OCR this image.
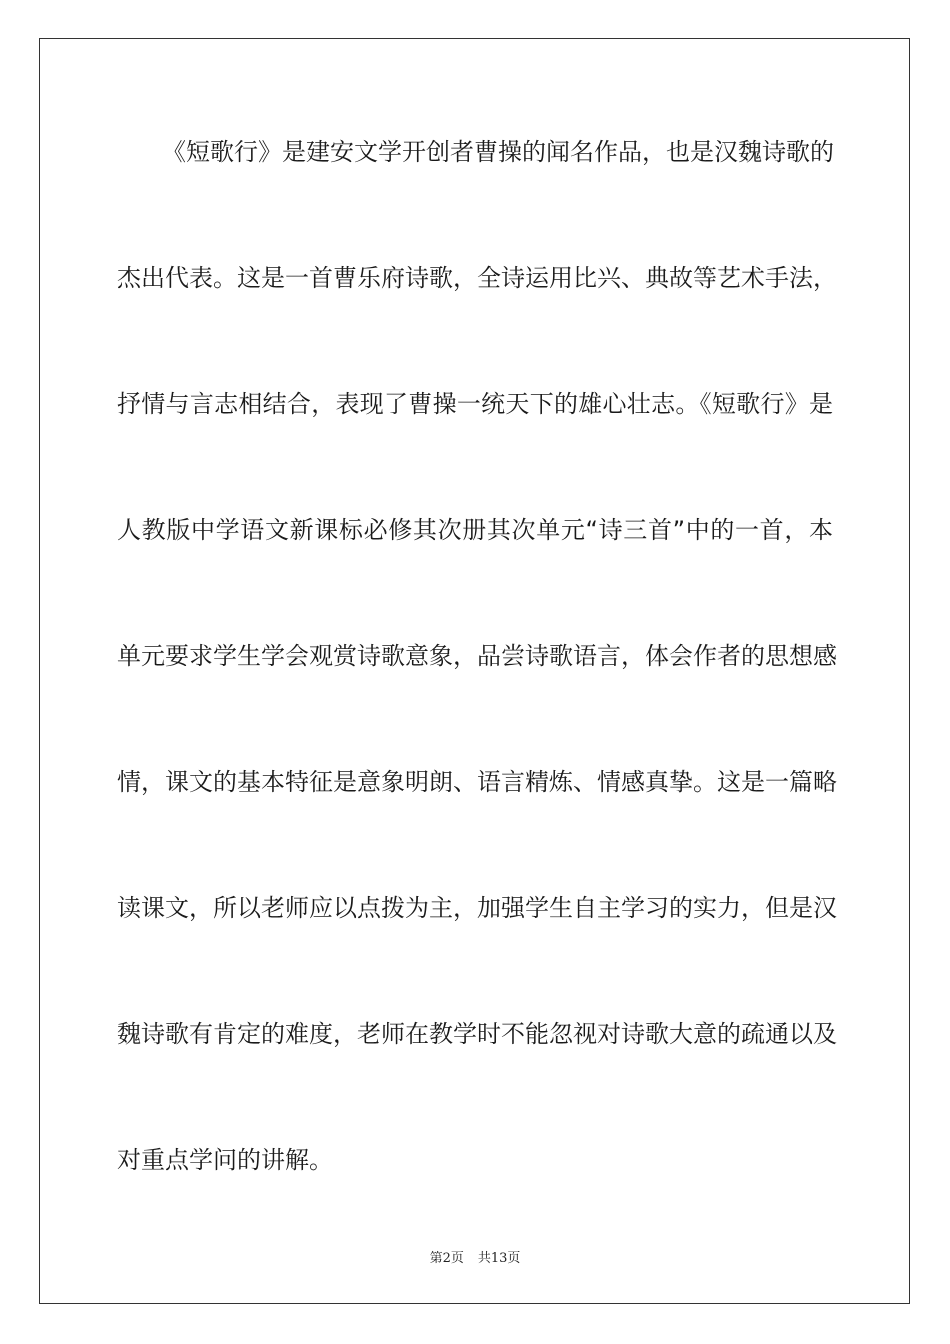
《短歌行》是建安文学开创者曹操的闻名作品，也是汉魏诗歌的
杰出代表。这是一首曹乐府诗歌，全诗运用比兴、典故等艺术手法，
抒情与言志相结合，表现了曹操一统天下的雄心壮志。《短歌行》是
人教版中学语文新课标必修其次册其次单元“诗三首”中的一首，本
单元要求学生学会观赏诗歌意象，品尝诗歌语言，体会作者的思想感
情，课文的基本特征是意象明朗、语言精炼、情感真挚。这是一篇略
读课文，所以老师应以点拨为主，加强学生自主学习的实力，但是汉
魏诗歌有肯定的难度，老师在教学时不能忽视对诗歌大意的疏通以及
对重点学问的讲解。
第2页 共13页
